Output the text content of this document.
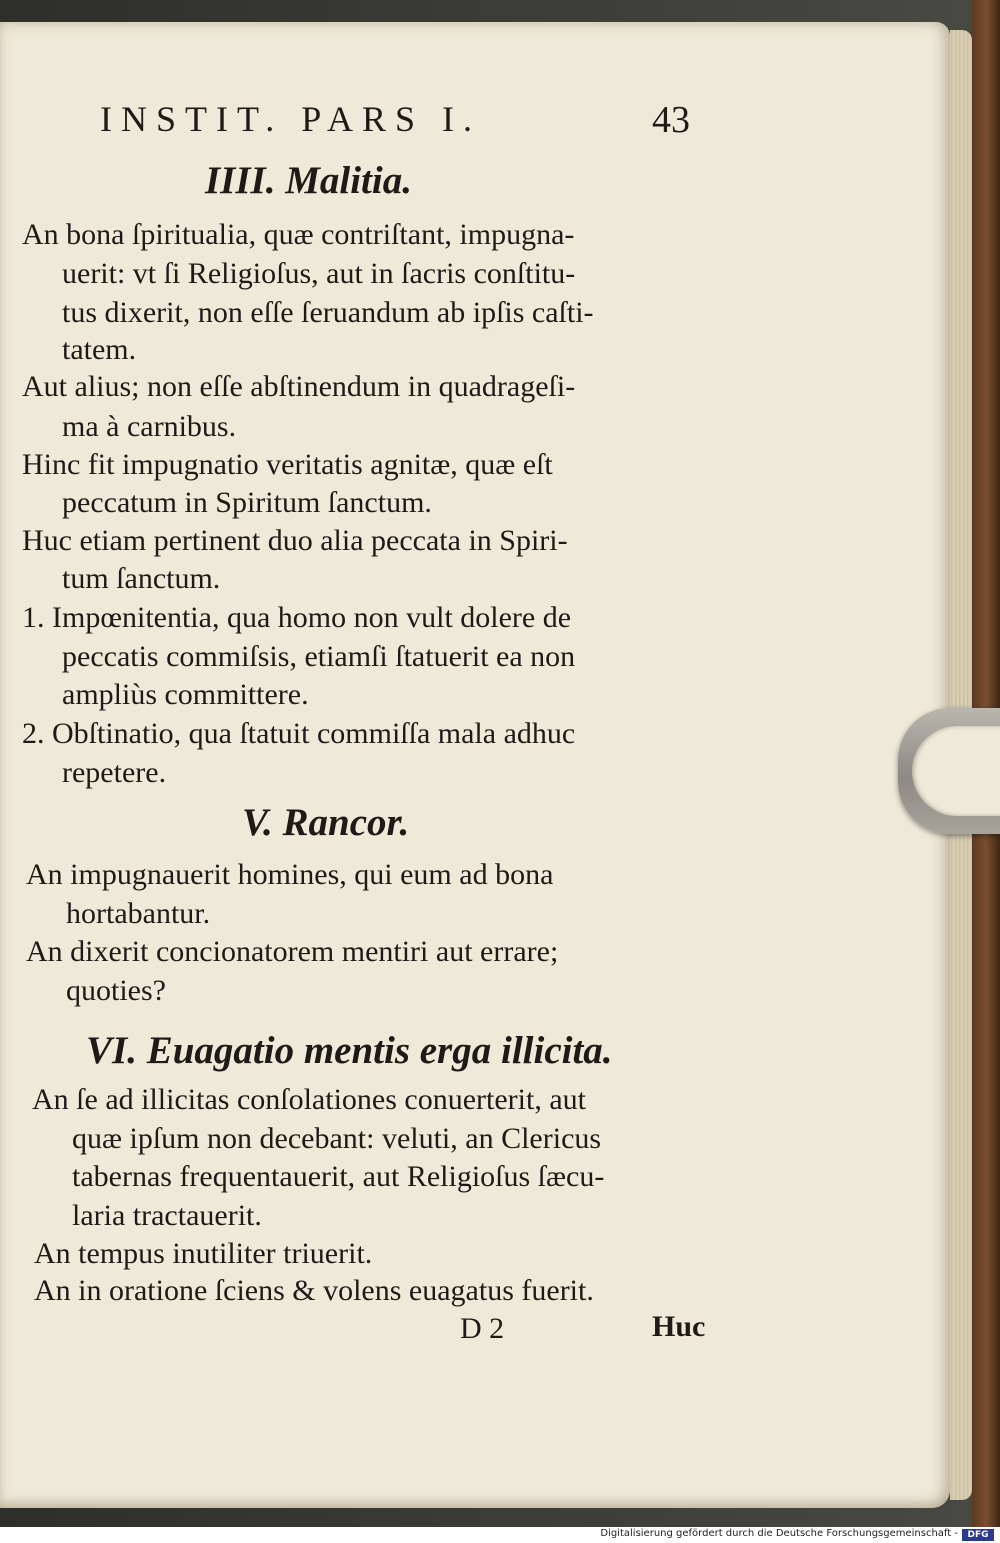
INSTIT. PARS I.	43
IIII. Malitia.
An bona ſpiritualia, quæ contriſtant, impugna-
uerit: vt ſi Religioſus, aut in ſacris conſtitu-
tus dixerit, non eſſe ſeruandum ab ipſis caſti-
tatem.
Aut alius; non eſſe abſtinendum in quadrageſi-
ma à carnibus.
Hinc fit impugnatio veritatis agnitæ, quæ eſt
peccatum in Spiritum ſanctum.
Huc etiam pertinent duo alia peccata in Spiri-
tum ſanctum.
1. Impœnitentia, qua homo non vult dolere de
peccatis commiſsis, etiamſi ſtatuerit ea non
ampliùs committere.
2. Obſtinatio, qua ſtatuit commiſſa mala adhuc
repetere.
V. Rancor.
An impugnauerit homines, qui eum ad bona
hortabantur.
An dixerit concionatorem mentiri aut errare;
quoties?
VI. Euagatio mentis erga illicita.
An ſe ad illicitas conſolationes conuerterit, aut
quæ ipſum non decebant: veluti, an Clericus
tabernas frequentauerit, aut Religioſus ſæcu-
laria tractauerit.
An tempus inutiliter triuerit.
An in oratione ſciens & volens euagatus fuerit.
D 2	Huc
Digitalisierung gefördert durch die Deutsche Forschungsgemeinschaft -	DFG
